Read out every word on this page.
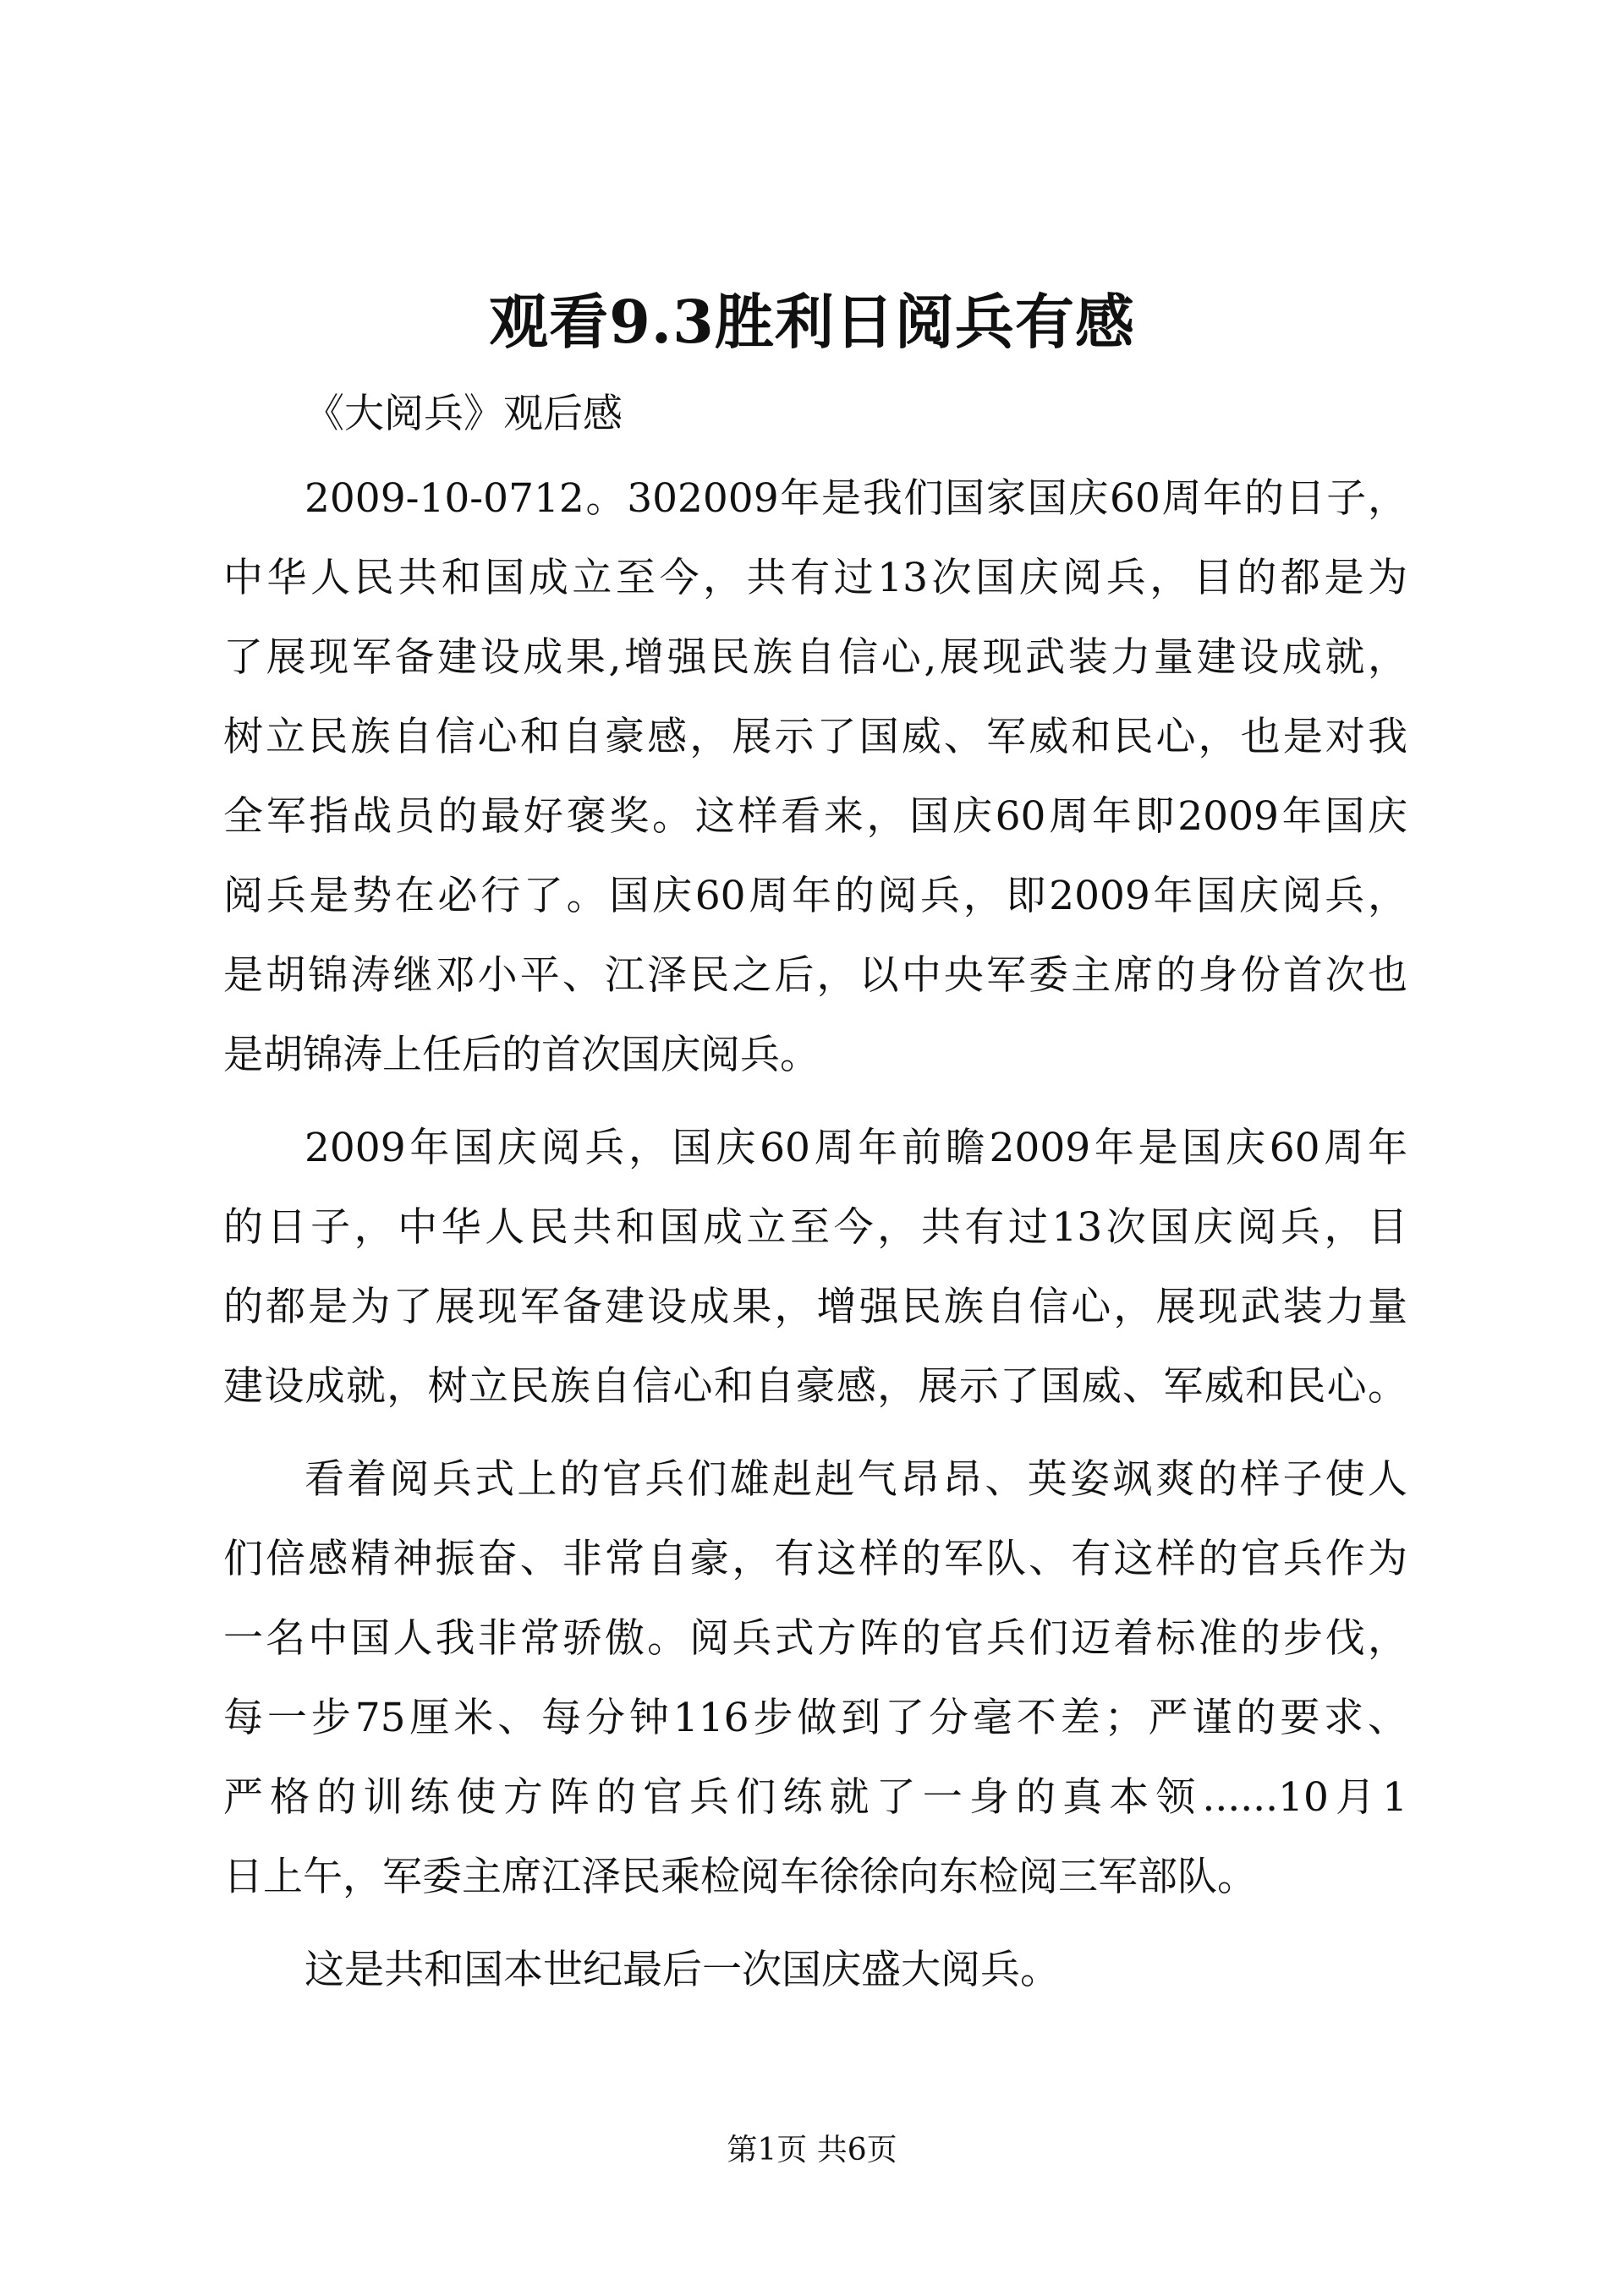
观看9.3胜利日阅兵有感
《大阅兵》观后感
2009-10-0712。302009年是我们国家国庆60周年的日子，
中华人民共和国成立至今，共有过13次国庆阅兵，目的都是为
了展现军备建设成果,增强民族自信心,展现武装力量建设成就，
树立民族自信心和自豪感，展示了国威、军威和民心，也是对我
全军指战员的最好褒奖。这样看来，国庆60周年即2009年国庆
阅兵是势在必行了。国庆60周年的阅兵，即2009年国庆阅兵，
是胡锦涛继邓小平、江泽民之后，以中央军委主席的身份首次也
是胡锦涛上任后的首次国庆阅兵。
2009年国庆阅兵，国庆60周年前瞻2009年是国庆60周年
的日子，中华人民共和国成立至今，共有过13次国庆阅兵，目
的都是为了展现军备建设成果，增强民族自信心，展现武装力量
建设成就，树立民族自信心和自豪感，展示了国威、军威和民心。
看着阅兵式上的官兵们雄赳赳气昂昂、英姿飒爽的样子使人
们倍感精神振奋、非常自豪，有这样的军队、有这样的官兵作为
一名中国人我非常骄傲。阅兵式方阵的官兵们迈着标准的步伐，
每一步75厘米、每分钟116步做到了分毫不差；严谨的要求、
严格的训练使方阵的官兵们练就了一身的真本领......10月1
日上午，军委主席江泽民乘检阅车徐徐向东检阅三军部队。
这是共和国本世纪最后一次国庆盛大阅兵。
第1页 共6页
